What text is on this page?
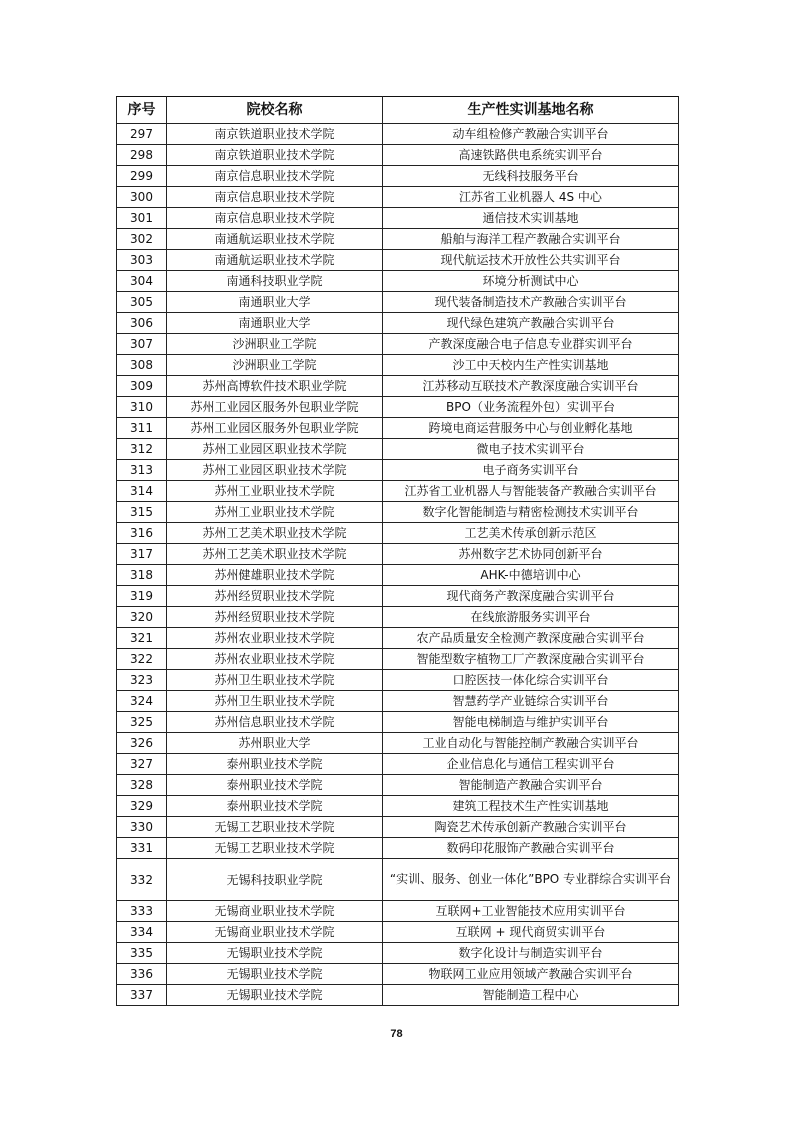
序号	院校名称	生产性实训基地名称
297	南京铁道职业技术学院	动车组检修产教融合实训平台
298	南京铁道职业技术学院	高速铁路供电系统实训平台
299	南京信息职业技术学院	无线科技服务平台
300	南京信息职业技术学院	江苏省工业机器人 4S 中心
301	南京信息职业技术学院	通信技术实训基地
302	南通航运职业技术学院	船舶与海洋工程产教融合实训平台
303	南通航运职业技术学院	现代航运技术开放性公共实训平台
304	南通科技职业学院	环境分析测试中心
305	南通职业大学	现代装备制造技术产教融合实训平台
306	南通职业大学	现代绿色建筑产教融合实训平台
307	沙洲职业工学院	产教深度融合电子信息专业群实训平台
308	沙洲职业工学院	沙工中天校内生产性实训基地
309	苏州高博软件技术职业学院	江苏移动互联技术产教深度融合实训平台
310	苏州工业园区服务外包职业学院	BPO（业务流程外包）实训平台
311	苏州工业园区服务外包职业学院	跨境电商运营服务中心与创业孵化基地
312	苏州工业园区职业技术学院	微电子技术实训平台
313	苏州工业园区职业技术学院	电子商务实训平台
314	苏州工业职业技术学院	江苏省工业机器人与智能装备产教融合实训平台
315	苏州工业职业技术学院	数字化智能制造与精密检测技术实训平台
316	苏州工艺美术职业技术学院	工艺美术传承创新示范区
317	苏州工艺美术职业技术学院	苏州数字艺术协同创新平台
318	苏州健雄职业技术学院	AHK-中德培训中心
319	苏州经贸职业技术学院	现代商务产教深度融合实训平台
320	苏州经贸职业技术学院	在线旅游服务实训平台
321	苏州农业职业技术学院	农产品质量安全检测产教深度融合实训平台
322	苏州农业职业技术学院	智能型数字植物工厂产教深度融合实训平台
323	苏州卫生职业技术学院	口腔医技一体化综合实训平台
324	苏州卫生职业技术学院	智慧药学产业链综合实训平台
325	苏州信息职业技术学院	智能电梯制造与维护实训平台
326	苏州职业大学	工业自动化与智能控制产教融合实训平台
327	泰州职业技术学院	企业信息化与通信工程实训平台
328	泰州职业技术学院	智能制造产教融合实训平台
329	泰州职业技术学院	建筑工程技术生产性实训基地
330	无锡工艺职业技术学院	陶瓷艺术传承创新产教融合实训平台
331	无锡工艺职业技术学院	数码印花服饰产教融合实训平台
332	无锡科技职业学院	“实训、服务、创业一体化”BPO 专业群综合实训平台
333	无锡商业职业技术学院	互联网+工业智能技术应用实训平台
334	无锡商业职业技术学院	互联网 + 现代商贸实训平台
335	无锡职业技术学院	数字化设计与制造实训平台
336	无锡职业技术学院	物联网工业应用领域产教融合实训平台
337	无锡职业技术学院	智能制造工程中心
78
